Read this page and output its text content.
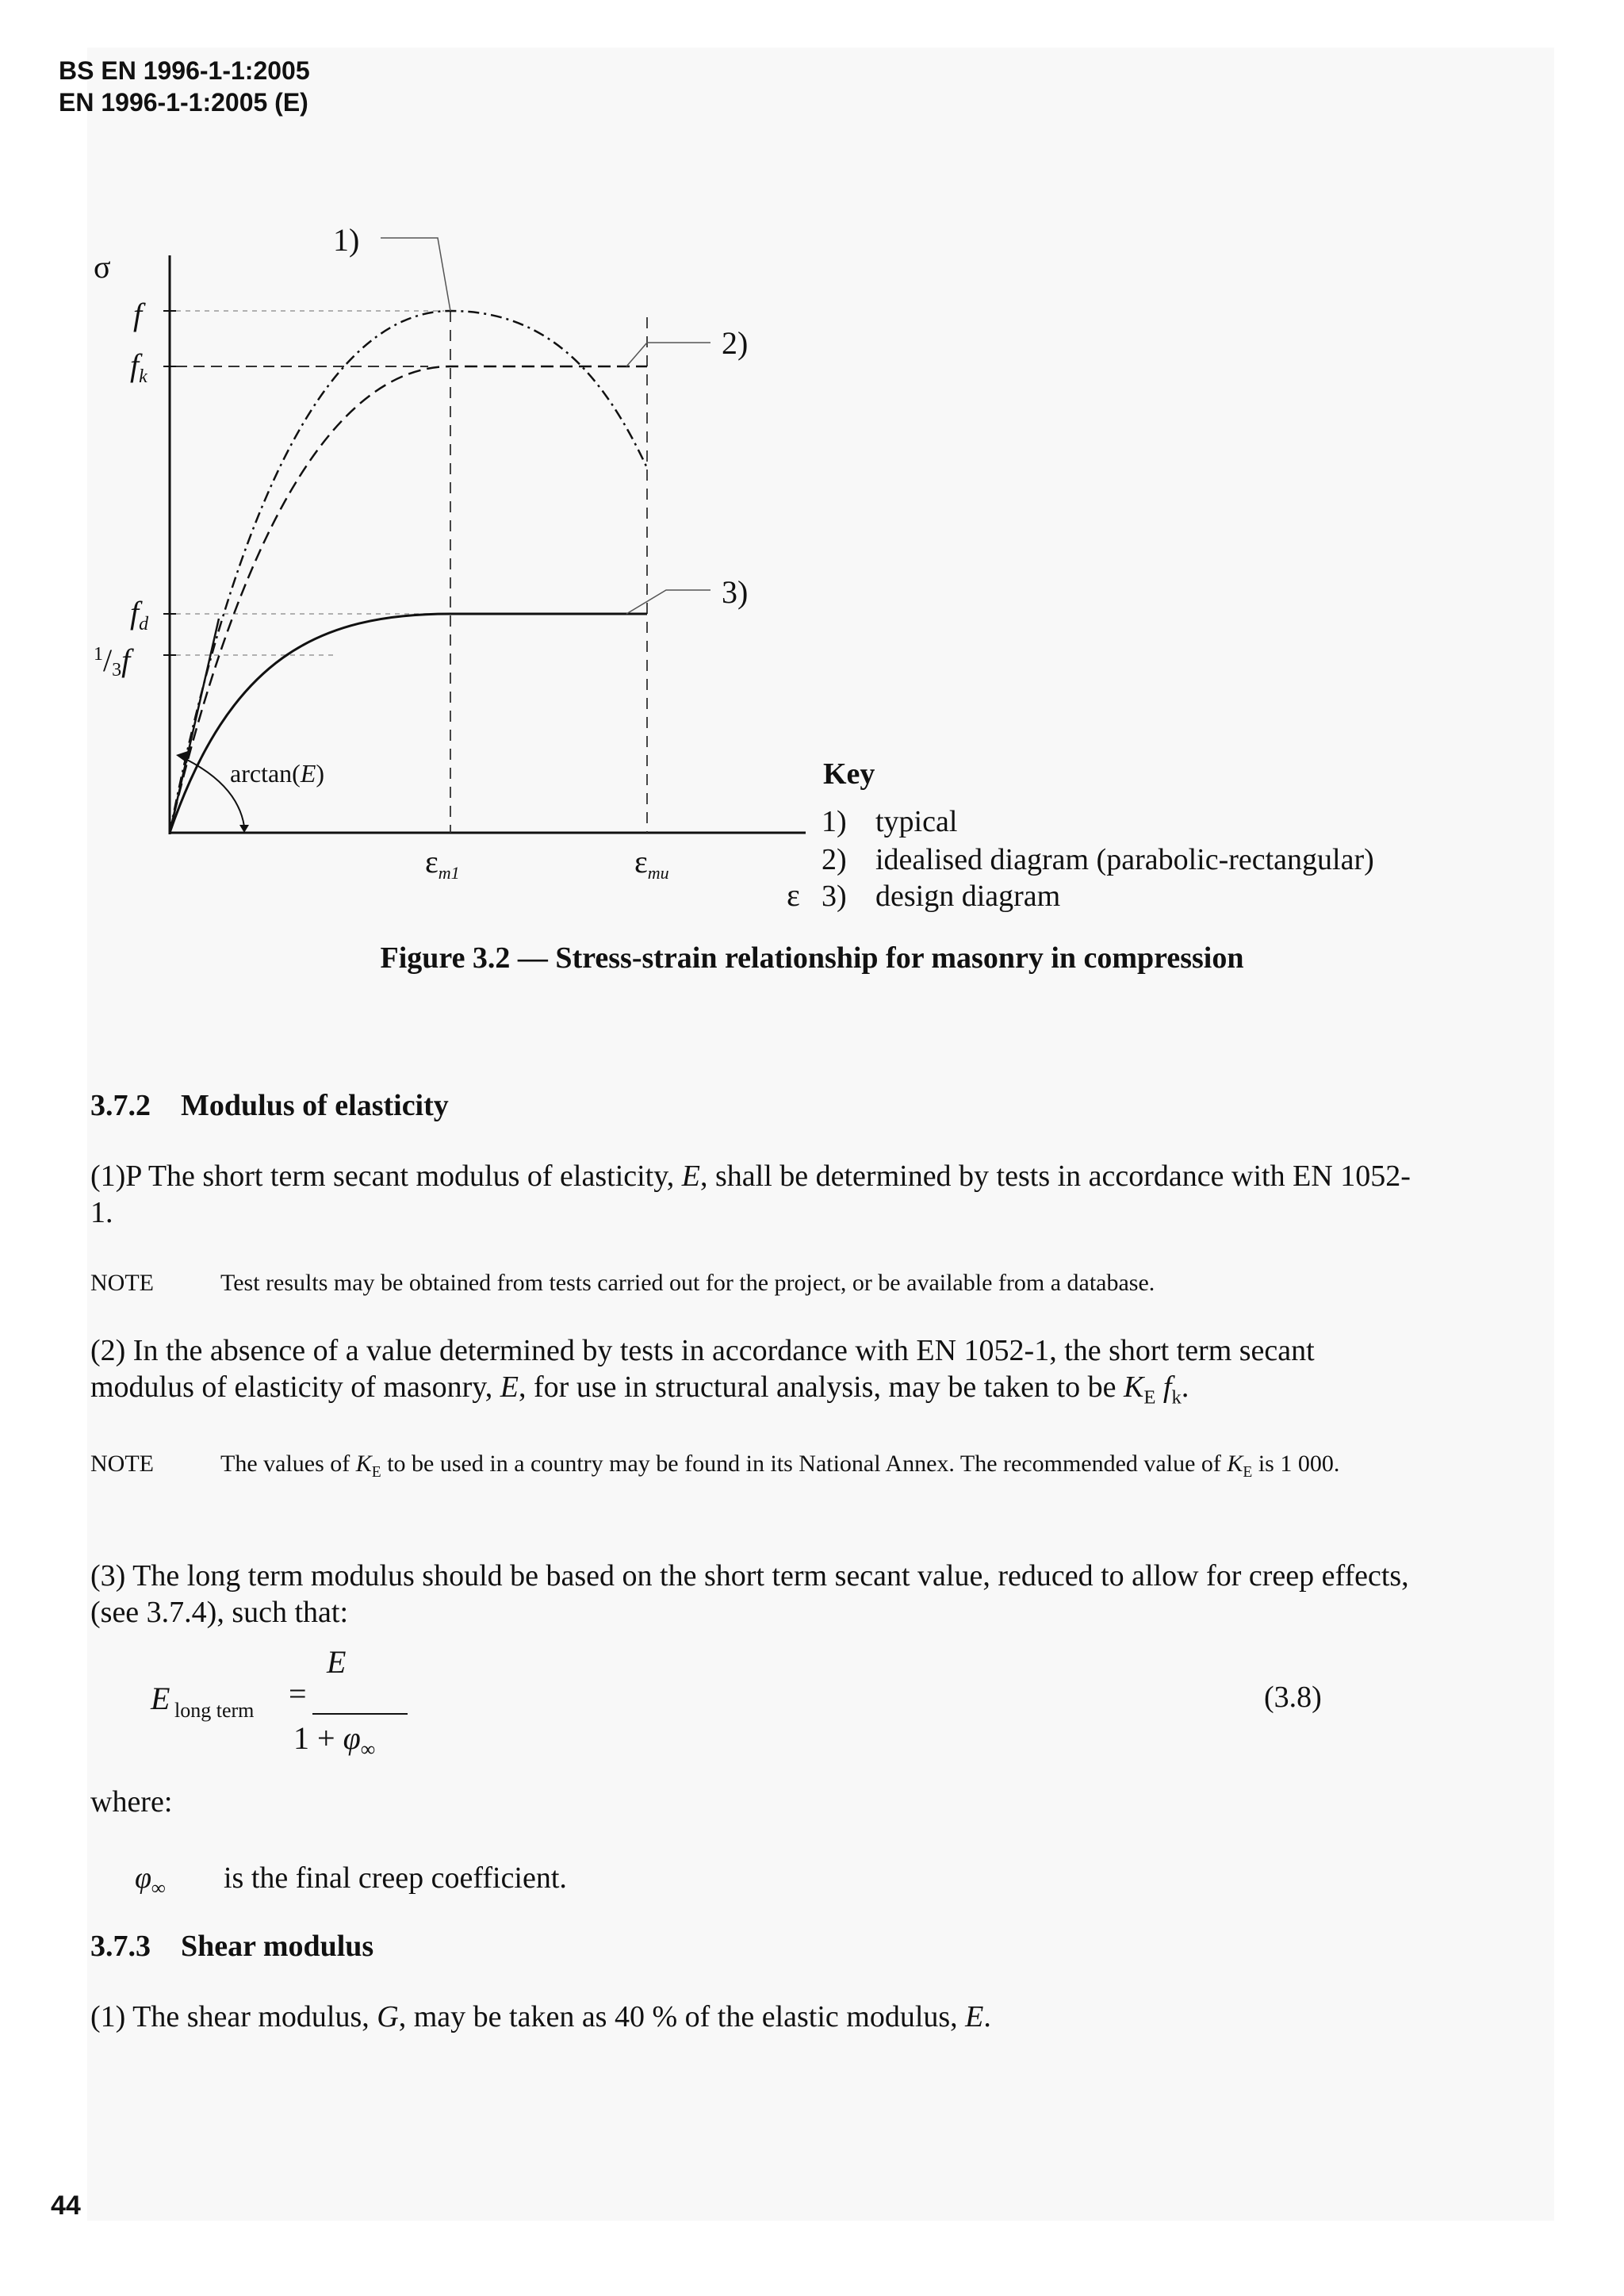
BS EN 1996-1-1:2005
EN 1996-1-1:2005 (E)
σ
f
$f_k$
$f_d$
$^1$/3f
arctan(E)
$\varepsilon_{m1}$	$\varepsilon_{mu}$
ε
1)
2)
3)
Key
1) typical
2) idealised diagram (parabolic-rectangular)
3) design diagram
Figure 3.2 — Stress-strain relationship for masonry in compression
3.7.2 Modulus of elasticity
(1)P The short term secant modulus of elasticity, E, shall be determined by tests in accordance with EN 1052-1.
NOTE	Test results may be obtained from tests carried out for the project, or be available from a database.
(2) In the absence of a value determined by tests in accordance with EN 1052-1, the short term secant modulus of elasticity of masonry, E, for use in structural analysis, may be taken to be $K_E$ $f_k$.
NOTE	The values of $K_E$ to be used in a country may be found in its National Annex. The recommended value of $K_E$ is 1 000.
(3) The long term modulus should be based on the short term secant value, reduced to allow for creep effects, (see 3.7.4), such that:
E long term =
E
$1 + \varphi_\infty$
(3.8)
where:
$\varphi_\infty$ is the final creep coefficient.
3.7.3 Shear modulus
(1) The shear modulus, G, may be taken as 40 % of the elastic modulus, E.
44
